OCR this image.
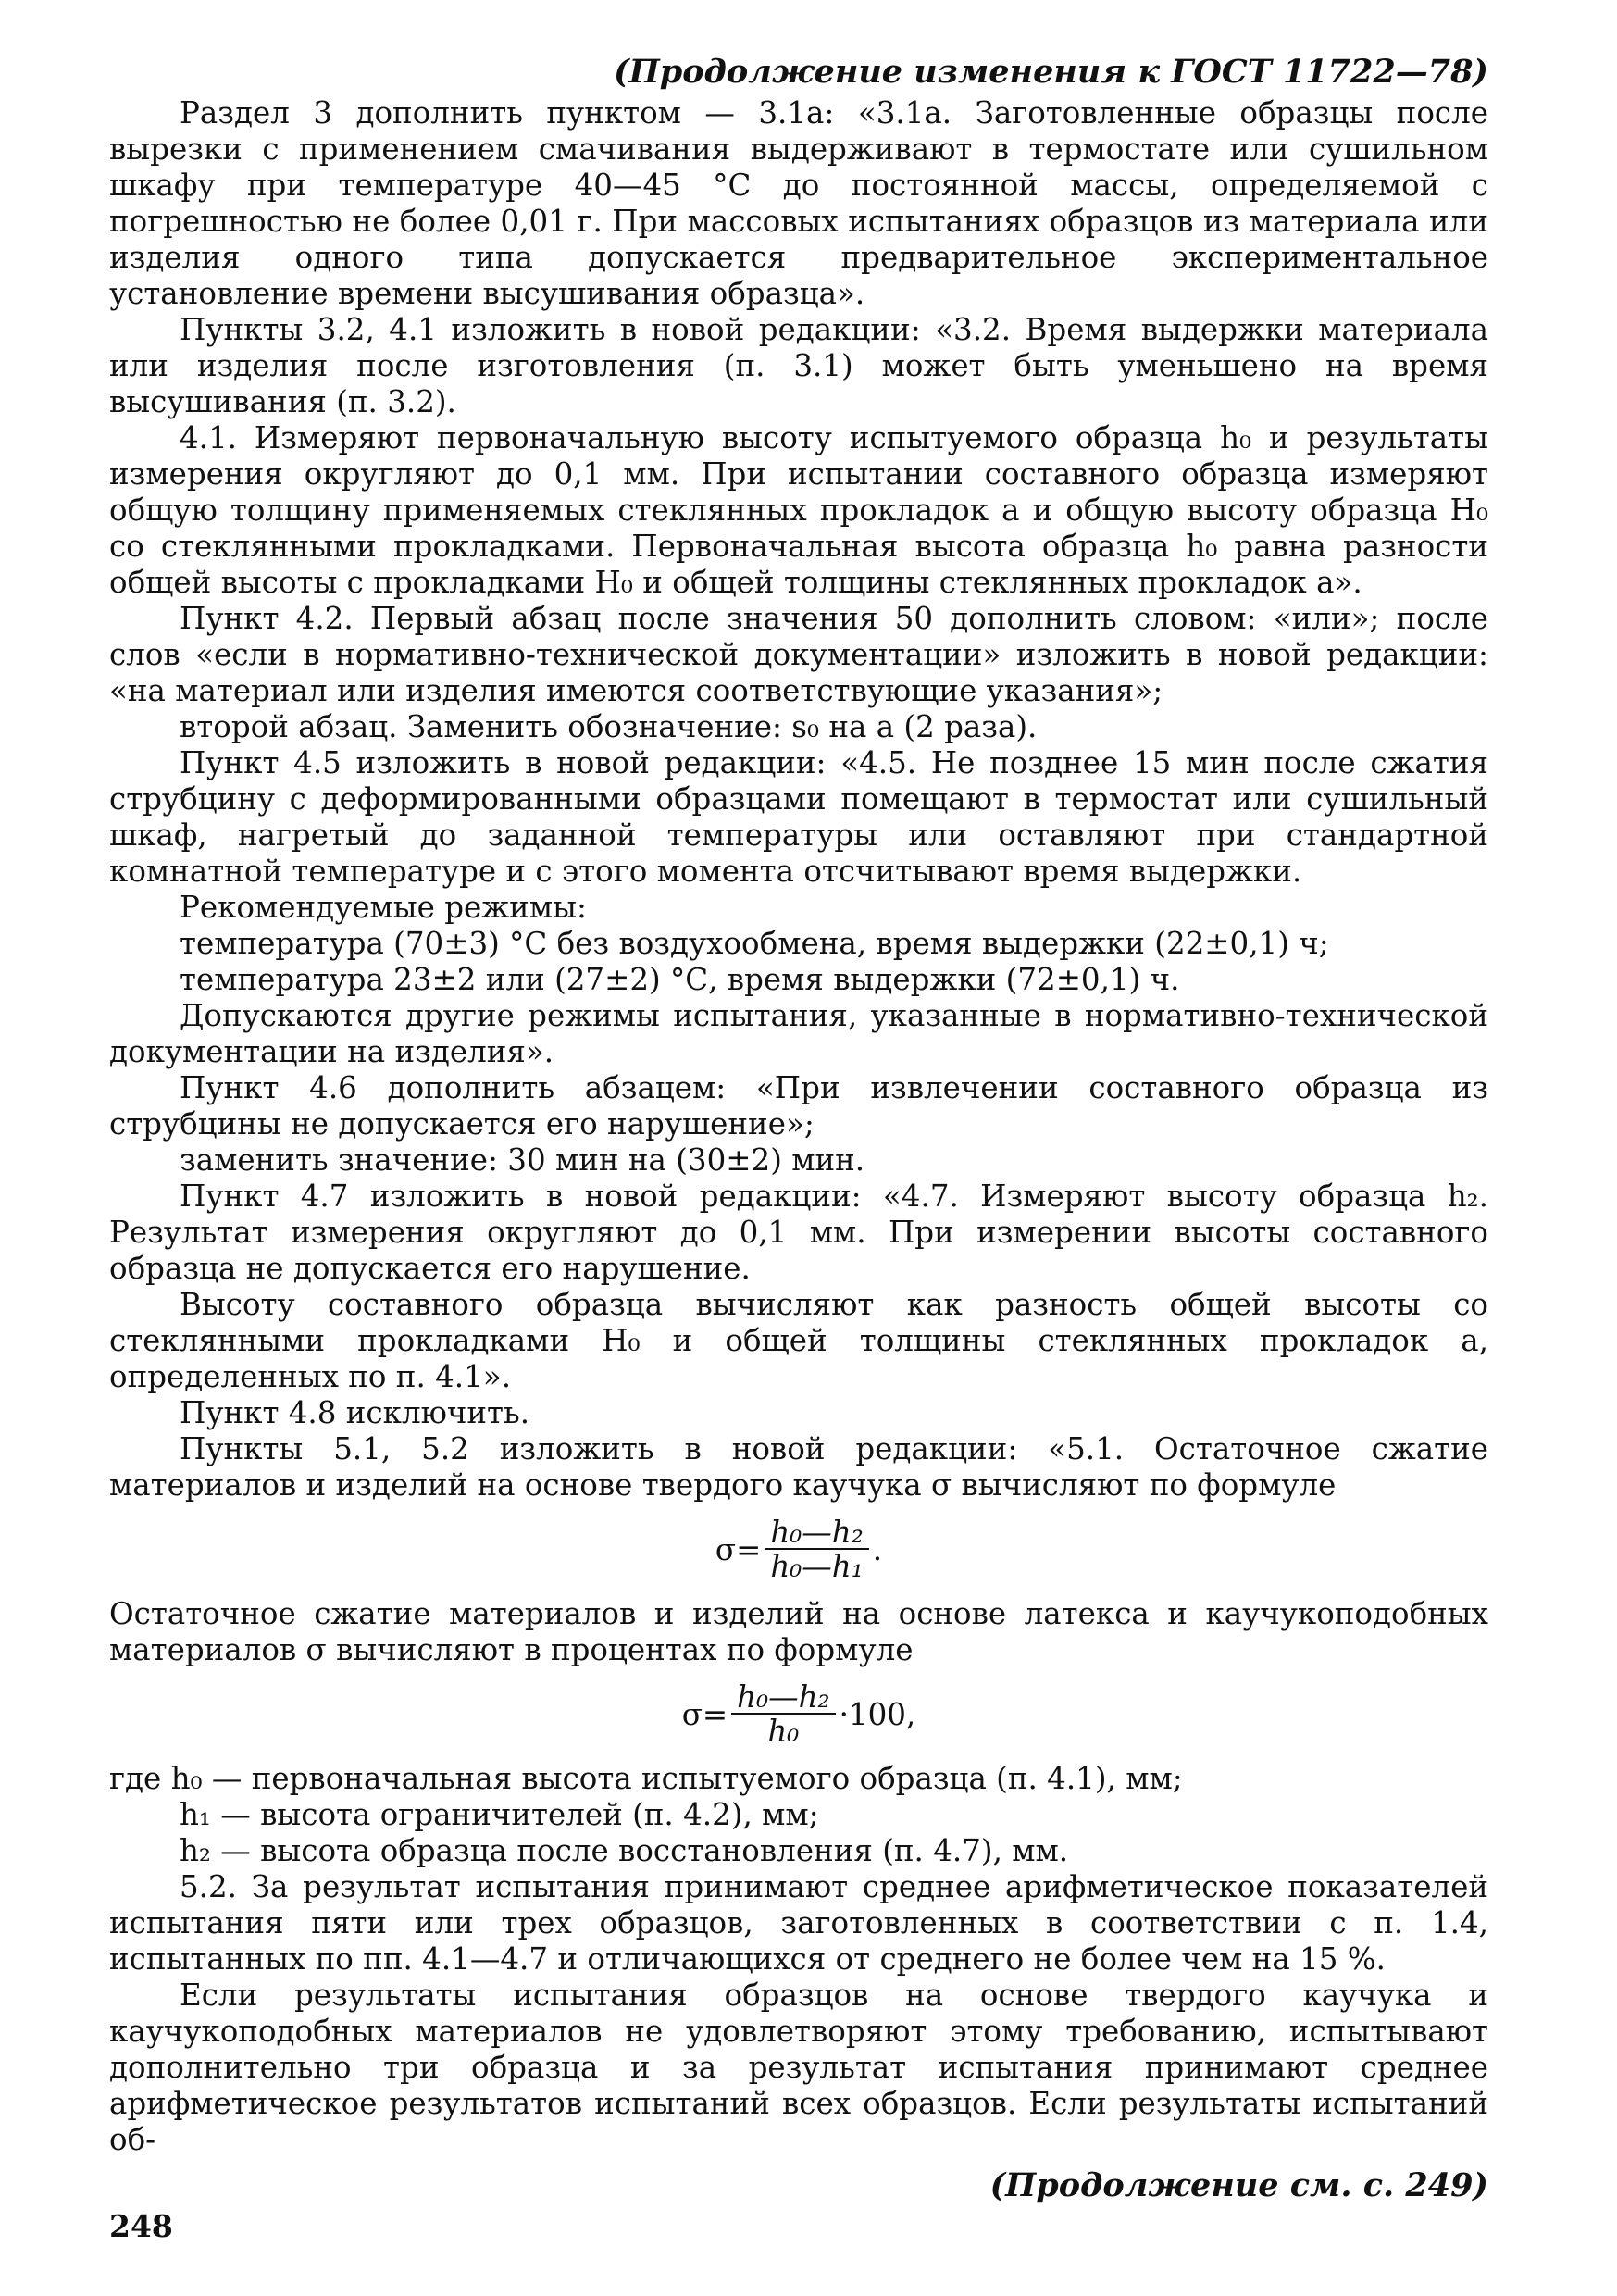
(Продолжение изменения к ГОСТ 11722—78)

Раздел 3 дополнить пунктом — 3.1а: «3.1а. Заготовленные образцы после вырезки с применением смачивания выдерживают в термостате или сушильном шкафу при температуре 40—45 °С до постоянной массы, определяемой с погрешностью не более 0,01 г. При массовых испытаниях образцов из материала или изделия одного типа допускается предварительное экспериментальное установление времени высушивания образца».

Пункты 3.2, 4.1 изложить в новой редакции: «3.2. Время выдержки материала или изделия после изготовления (п. 3.1) может быть уменьшено на время высушивания (п. 3.2).

4.1. Измеряют первоначальную высоту испытуемого образца h₀ и результаты измерения округляют до 0,1 мм. При испытании составного образца измеряют общую толщину применяемых стеклянных прокладок a и общую высоту образца H₀ со стеклянными прокладками. Первоначальная высота образца h₀ равна разности общей высоты с прокладками H₀ и общей толщины стеклянных прокладок a».

Пункт 4.2. Первый абзац после значения 50 дополнить словом: «или»; после слов «если в нормативно-технической документации» изложить в новой редакции: «на материал или изделия имеются соответствующие указания»;

второй абзац. Заменить обозначение: s₀ на a (2 раза).

Пункт 4.5 изложить в новой редакции: «4.5. Не позднее 15 мин после сжатия струбцину с деформированными образцами помещают в термостат или сушильный шкаф, нагретый до заданной температуры или оставляют при стандартной комнатной температуре и с этого момента отсчитывают время выдержки.

Рекомендуемые режимы:

температура (70±3) °С без воздухообмена, время выдержки (22±0,1) ч;

температура 23±2 или (27±2) °С, время выдержки (72±0,1) ч.

Допускаются другие режимы испытания, указанные в нормативно-технической документации на изделия».

Пункт 4.6 дополнить абзацем: «При извлечении составного образца из струбцины не допускается его нарушение»;

заменить значение: 30 мин на (30±2) мин.

Пункт 4.7 изложить в новой редакции: «4.7. Измеряют высоту образца h₂. Результат измерения округляют до 0,1 мм. При измерении высоты составного образца не допускается его нарушение.

Высоту составного образца вычисляют как разность общей высоты со стеклянными прокладками H₀ и общей толщины стеклянных прокладок a, определенных по п. 4.1».

Пункт 4.8 исключить.

Пункты 5.1, 5.2 изложить в новой редакции: «5.1. Остаточное сжатие материалов и изделий на основе твердого каучука σ вычисляют по формуле

$\sigma= \frac{\text{h₀—h₂}}{\text{h₀—h₁}}$ .

Остаточное сжатие материалов и изделий на основе латекса и каучукоподобных материалов σ вычисляют в процентах по формуле

$\sigma= \frac{\text{h₀—h₂}}{\text{h₀}} \cdot 100$,

где h₀ — первоначальная высота испытуемого образца (п. 4.1), мм;

h₁ — высота ограничителей (п. 4.2), мм;

h₂ — высота образца после восстановления (п. 4.7), мм.

5.2. За результат испытания принимают среднее арифметическое показателей испытания пяти или трех образцов, заготовленных в соответствии с п. 1.4, испытанных по пп. 4.1—4.7 и отличающихся от среднего не более чем на 15 %.

Если результаты испытания образцов на основе твердого каучука и каучукоподобных материалов не удовлетворяют этому требованию, испытывают дополнительно три образца и за результат испытания принимают среднее арифметическое результатов испытаний всех образцов. Если результаты испытаний об-

(Продолжение см. с. 249)
248
